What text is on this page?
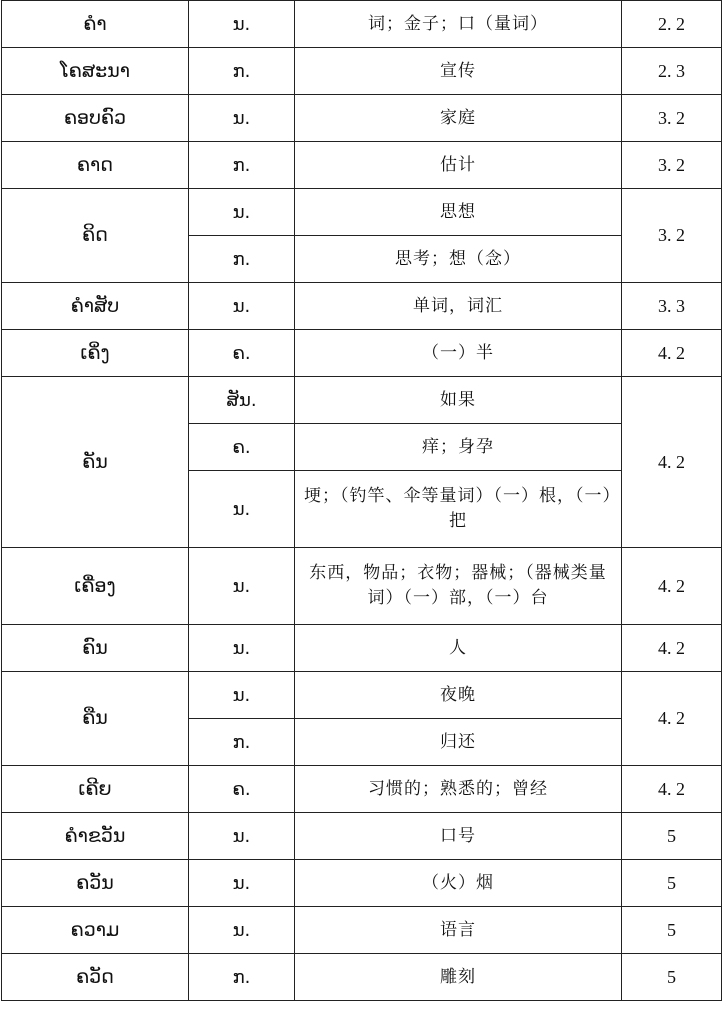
ຄຳ	ນ.	词；金子；口（量词）	2. 2
ໂຄສະນາ	ກ.	宣传	2. 3
ຄອບຄົວ	ນ.	家庭	3. 2
ຄາດ	ກ.	估计	3. 2
ຄິດ	ນ.	思想	3. 2
	ກ.	思考；想（念）	
ຄຳສັບ	ນ.	单词，词汇	3. 3
ເຄິ່ງ	ຄ.	（一）半	4. 2
ຄັນ	ສັນ.	如果	4. 2
	ຄ.	痒；身孕	
	ນ.	埂；（钓竿、伞等量词）（一）根，（一）把	
ເຄື່ອງ	ນ.	东西，物品；衣物；器械；（器械类量词）（一）部，（一）台	4. 2
ຄົນ	ນ.	人	4. 2
ຄືນ	ນ.	夜晚	4. 2
	ກ.	归还	
ເຄີຍ	ຄ.	习惯的；熟悉的；曾经	4. 2
ຄຳຂວັນ	ນ.	口号	5
ຄວັນ	ນ.	（火）烟	5
ຄວາມ	ນ.	语言	5
ຄວັດ	ກ.	雕刻	5
